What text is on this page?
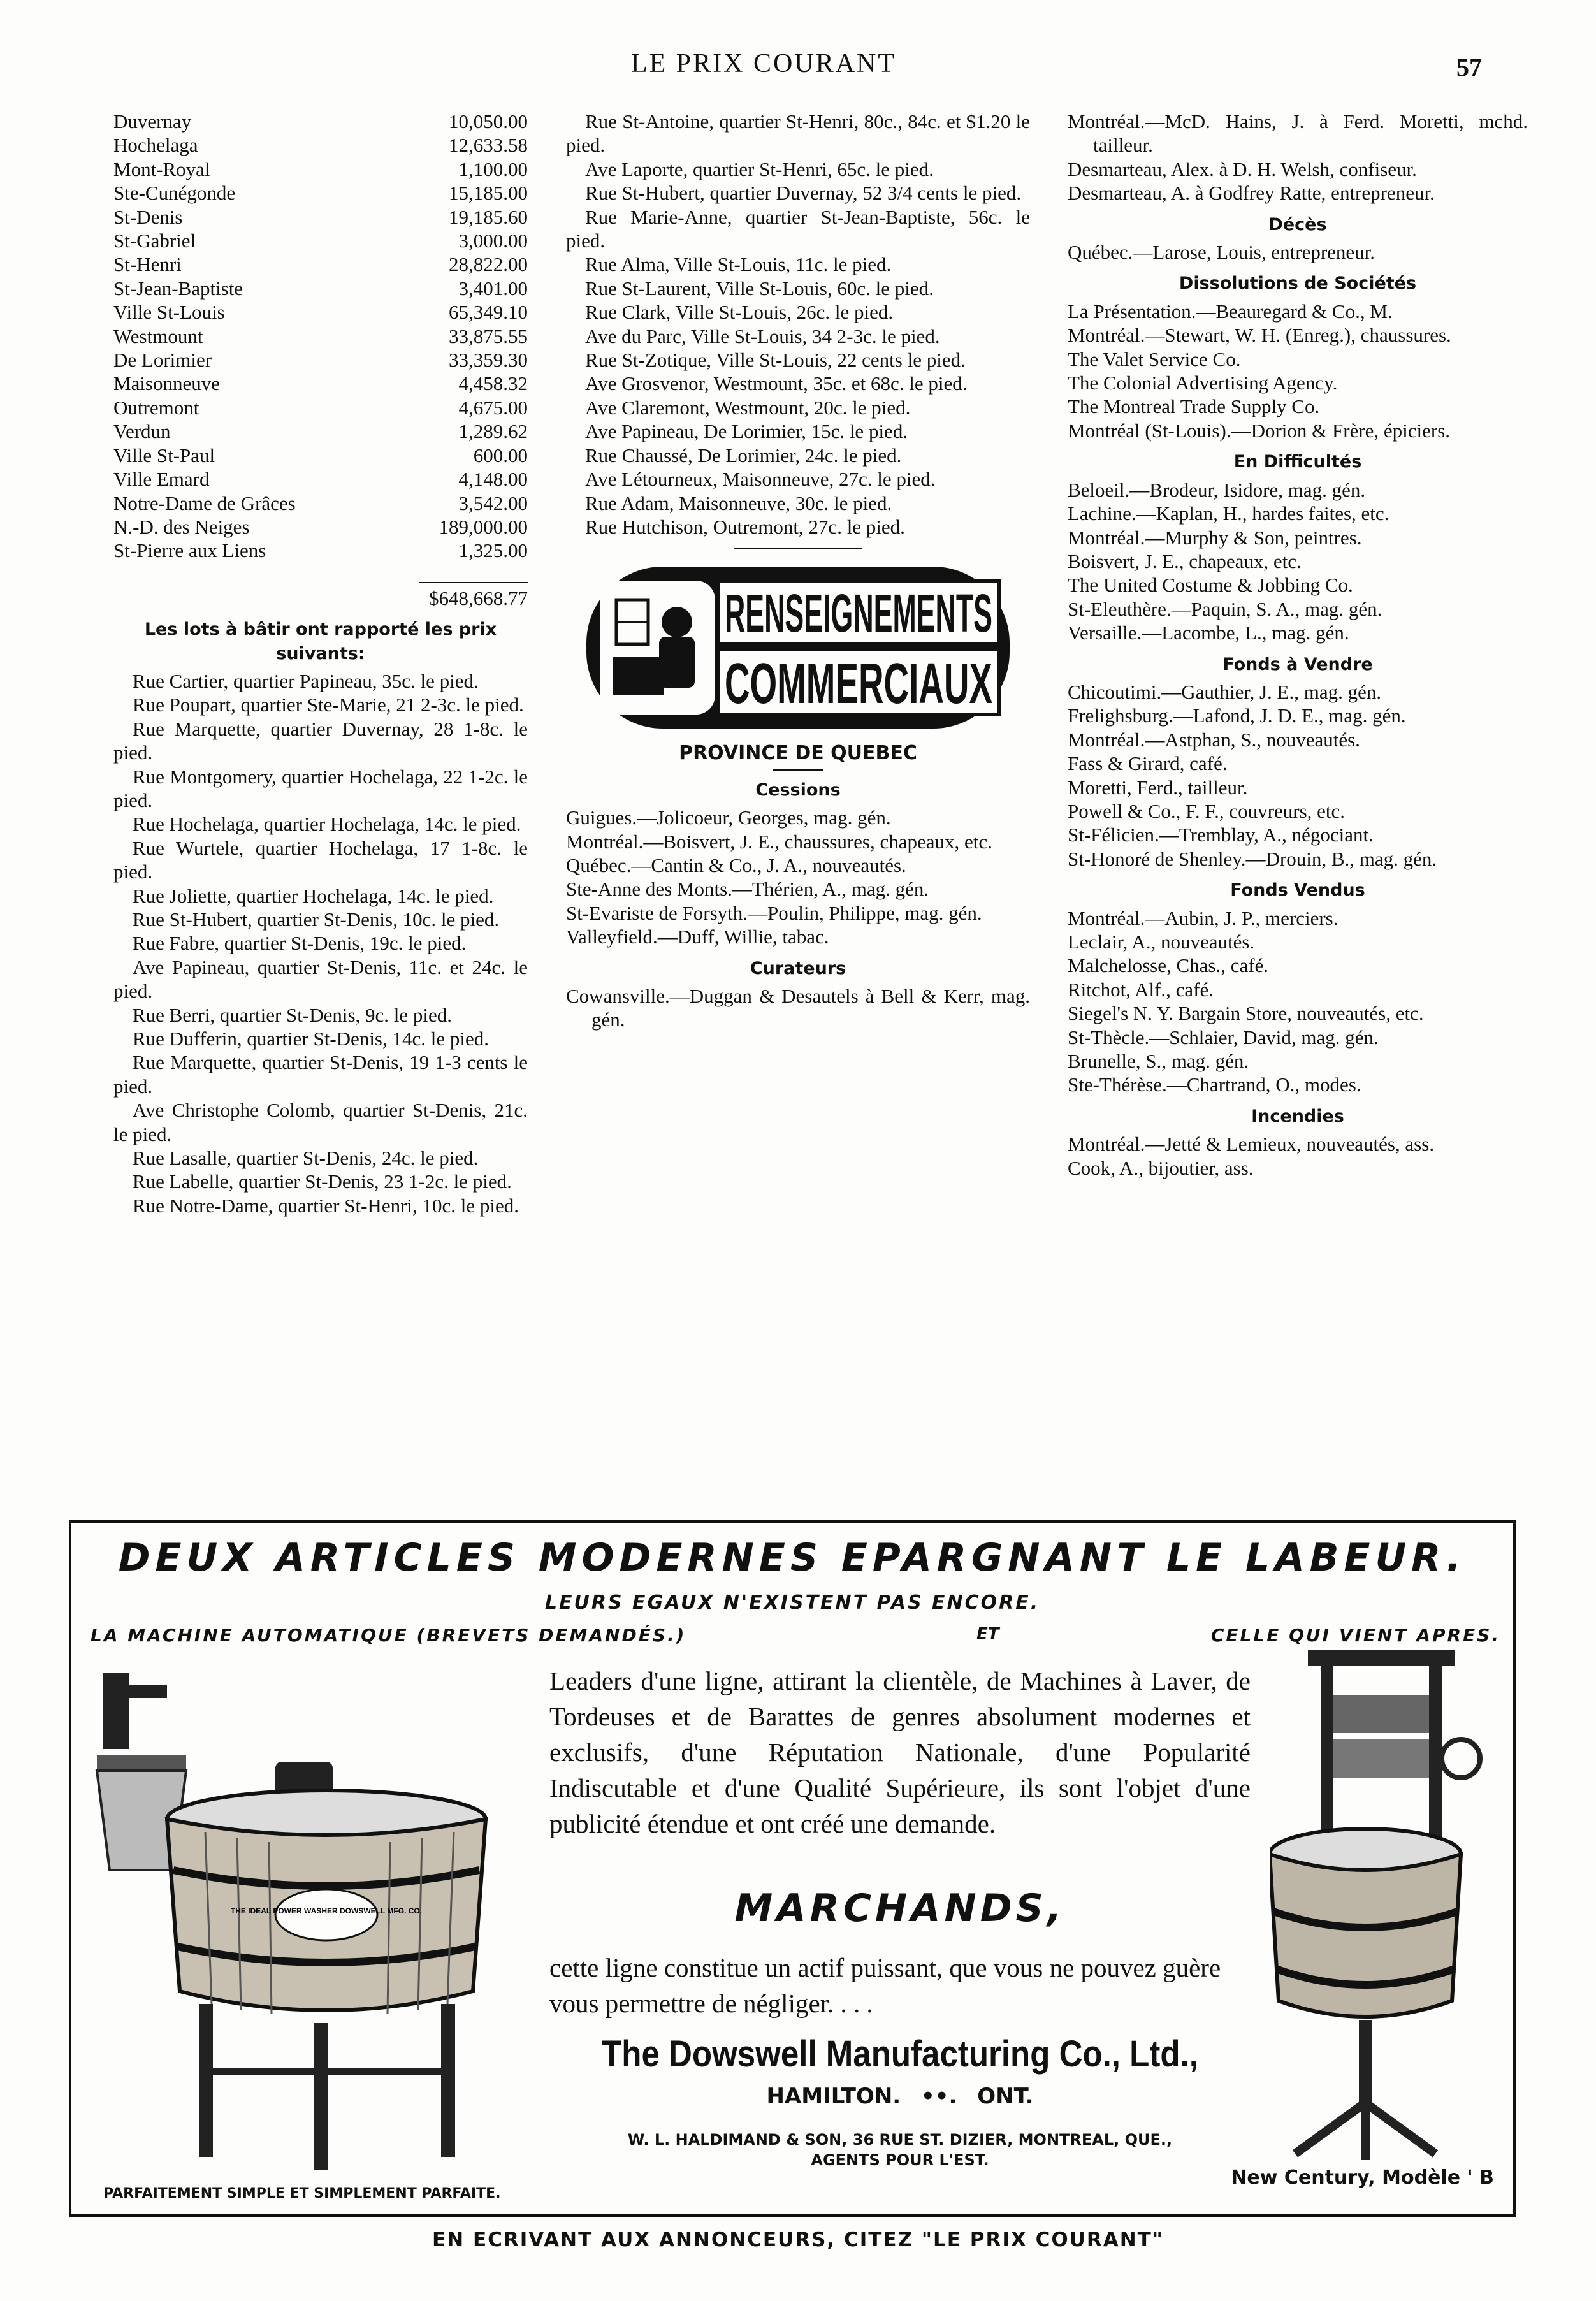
LE PRIX COURANT	57
Duvernay	10,050.00
Hochelaga	12,633.58
Mont-Royal	1,100.00
Ste-Cunégonde	15,185.00
St-Denis	19,185.60
St-Gabriel	3,000.00
St-Henri	28,822.00
St-Jean-Baptiste	3,401.00
Ville St-Louis	65,349.10
Westmount	33,875.55
De Lorimier	33,359.30
Maisonneuve	4,458.32
Outremont	4,675.00
Verdun	1,289.62
Ville St-Paul	600.00
Ville Emard	4,148.00
Notre-Dame de Grâces	3,542.00
N.-D. des Neiges	189,000.00
St-Pierre aux Liens	1,325.00
$648,668.77
Les lots à bâtir ont rapporté les prix suivants:
Rue Cartier, quartier Papineau, 35c. le pied.
Rue Poupart, quartier Ste-Marie, 21 2-3c. le pied.
Rue Marquette, quartier Duvernay, 28 1-8c. le pied.
Rue Montgomery, quartier Hochelaga, 22 1-2c. le pied.
Rue Hochelaga, quartier Hochelaga, 14c. le pied.
Rue Wurtele, quartier Hochelaga, 17 1-8c. le pied.
Rue Joliette, quartier Hochelaga, 14c. le pied.
Rue St-Hubert, quartier St-Denis, 10c. le pied.
Rue Fabre, quartier St-Denis, 19c. le pied.
Ave Papineau, quartier St-Denis, 11c. et 24c. le pied.
Rue Berri, quartier St-Denis, 9c. le pied.
Rue Dufferin, quartier St-Denis, 14c. le pied.
Rue Marquette, quartier St-Denis, 19 1-3 cents le pied.
Ave Christophe Colomb, quartier St-Denis, 21c. le pied.
Rue Lasalle, quartier St-Denis, 24c. le pied.
Rue Labelle, quartier St-Denis, 23 1-2c. le pied.
Rue Notre-Dame, quartier St-Henri, 10c. le pied.
Rue St-Antoine, quartier St-Henri, 80c., 84c. et $1.20 le pied.
Ave Laporte, quartier St-Henri, 65c. le pied.
Rue St-Hubert, quartier Duvernay, 52 3/4 cents le pied.
Rue Marie-Anne, quartier St-Jean-Baptiste, 56c. le pied.
Rue Alma, Ville St-Louis, 11c. le pied.
Rue St-Laurent, Ville St-Louis, 60c. le pied.
Rue Clark, Ville St-Louis, 26c. le pied.
Ave du Parc, Ville St-Louis, 34 2-3c. le pied.
Rue St-Zotique, Ville St-Louis, 22 cents le pied.
Ave Grosvenor, Westmount, 35c. et 68c. le pied.
Ave Claremont, Westmount, 20c. le pied.
Ave Papineau, De Lorimier, 15c. le pied.
Rue Chaussé, De Lorimier, 24c. le pied.
Ave Létourneux, Maisonneuve, 27c. le pied.
Rue Adam, Maisonneuve, 30c. le pied.
Rue Hutchison, Outremont, 27c. le pied.
RENSEIGNEMENTS
COMMERCIAUX
PROVINCE DE QUEBEC
Cessions
Guigues.—Jolicoeur, Georges, mag. gén.
Montréal.—Boisvert, J. E., chaussures, chapeaux, etc.
Québec.—Cantin & Co., J. A., nouveautés.
Ste-Anne des Monts.—Thérien, A., mag. gén.
St-Evariste de Forsyth.—Poulin, Philippe, mag. gén.
Valleyfield.—Duff, Willie, tabac.
Curateurs
Cowansville.—Duggan & Desautels à Bell & Kerr, mag. gén.
Montréal.—McD. Hains, J. à Ferd. Moretti, mchd. tailleur.
Desmarteau, Alex. à D. H. Welsh, confiseur.
Desmarteau, A. à Godfrey Ratte, entrepreneur.
Décès
Québec.—Larose, Louis, entrepreneur.
Dissolutions de Sociétés
La Présentation.—Beauregard & Co., M.
Montréal.—Stewart, W. H. (Enreg.), chaussures.
The Valet Service Co.
The Colonial Advertising Agency.
The Montreal Trade Supply Co.
Montréal (St-Louis).—Dorion & Frère, épiciers.
En Difficultés
Beloeil.—Brodeur, Isidore, mag. gén.
Lachine.—Kaplan, H., hardes faites, etc.
Montréal.—Murphy & Son, peintres.
Boisvert, J. E., chapeaux, etc.
The United Costume & Jobbing Co.
St-Eleuthère.—Paquin, S. A., mag. gén.
Versaille.—Lacombe, L., mag. gén.
Fonds à Vendre
Chicoutimi.—Gauthier, J. E., mag. gén.
Frelighsburg.—Lafond, J. D. E., mag. gén.
Montréal.—Astphan, S., nouveautés.
Fass & Girard, café.
Moretti, Ferd., tailleur.
Powell & Co., F. F., couvreurs, etc.
St-Félicien.—Tremblay, A., négociant.
St-Honoré de Shenley.—Drouin, B., mag. gén.
Fonds Vendus
Montréal.—Aubin, J. P., merciers.
Leclair, A., nouveautés.
Malchelosse, Chas., café.
Ritchot, Alf., café.
Siegel's N. Y. Bargain Store, nouveautés, etc.
St-Thècle.—Schlaier, David, mag. gén.
Brunelle, S., mag. gén.
Ste-Thérèse.—Chartrand, O., modes.
Incendies
Montréal.—Jetté & Lemieux, nouveautés, ass.
Cook, A., bijoutier, ass.
DEUX ARTICLES MODERNES EPARGNANT LE LABEUR.
LEURS EGAUX N'EXISTENT PAS ENCORE.
LA MACHINE AUTOMATIQUE (BREVETS DEMANDÉS.)	ET	CELLE QUI VIENT APRES.
THE IDEAL POWER WASHER DOWSWELL MFG. CO.
Leaders d'une ligne, attirant la clientèle, de Machines à Laver, de Tordeuses et de Barattes de genres absolument modernes et exclusifs, d'une Réputation Nationale, d'une Popularité Indiscutable et d'une Qualité Supérieure, ils sont l'objet d'une publicité étendue et ont créé une demande.
MARCHANDS,
cette ligne constitue un actif puissant, que vous ne pouvez guère vous permettre de négliger. . . .
The Dowswell Manufacturing Co., Ltd.,
HAMILTON. ••. ONT.
W. L. HALDIMAND & SON, 36 RUE ST. DIZIER, MONTREAL, QUE.,
AGENTS POUR L'EST.
PARFAITEMENT SIMPLE ET SIMPLEMENT PARFAITE.
New Century, Modèle ' B
EN ECRIVANT AUX ANNONCEURS, CITEZ "LE PRIX COURANT"
